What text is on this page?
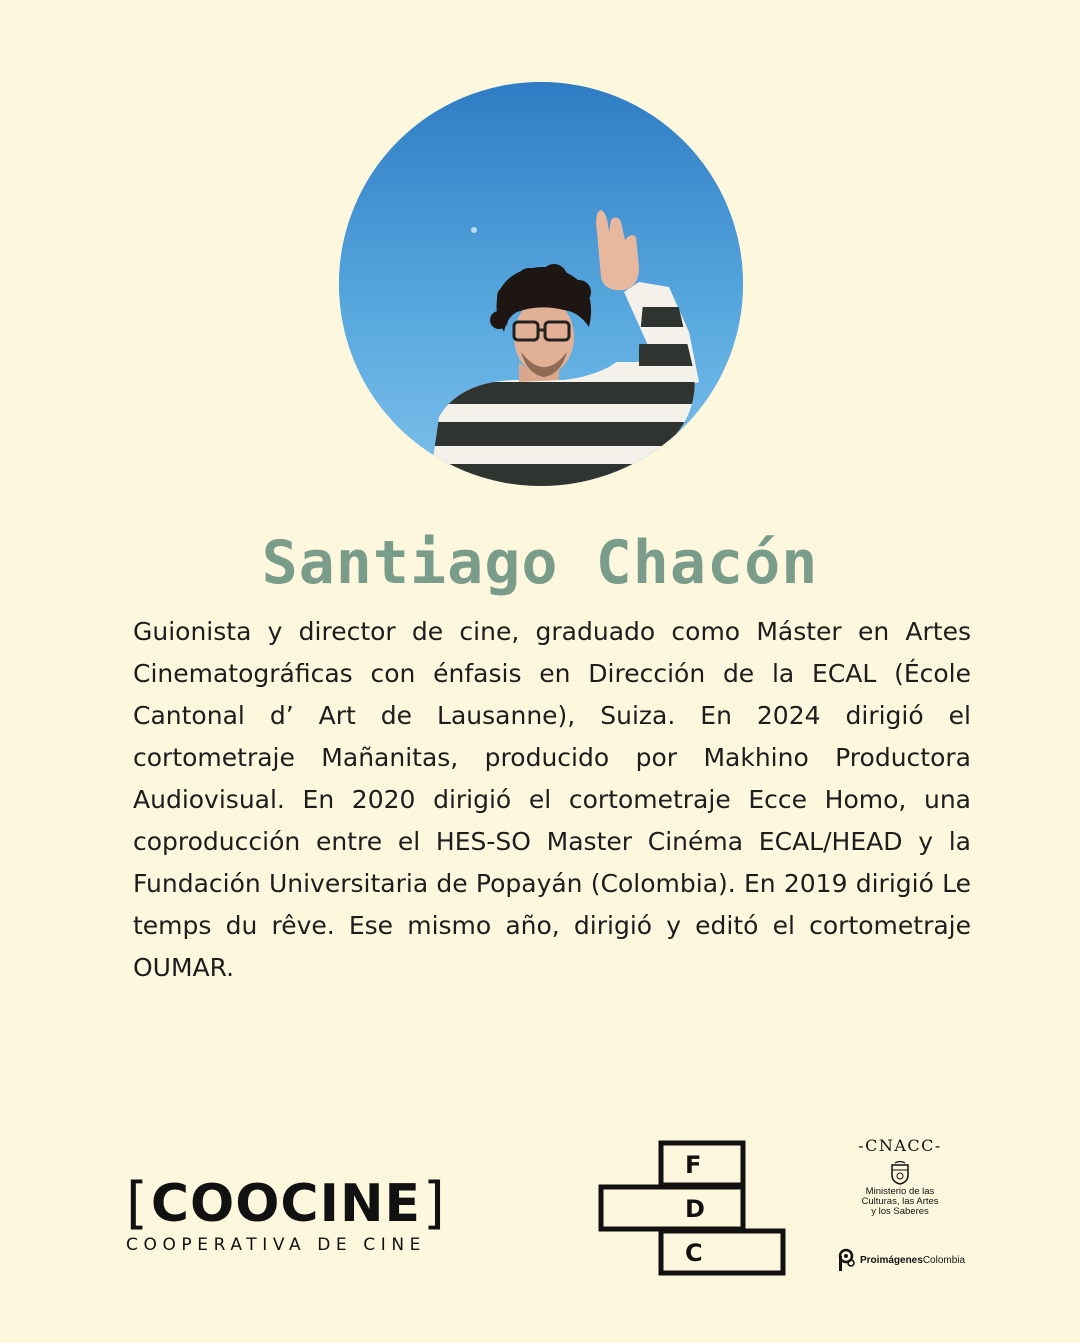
Santiago Chacón
Guionista y director de cine, graduado como Máster en Artes Cinematográficas con énfasis en Dirección de la ECAL (École Cantonal d’ Art de Lausanne), Suiza. En 2024 dirigió el cortometraje Mañanitas, producido por Makhino Productora Audiovisual. En 2020 dirigió el cortometraje Ecce Homo, una coproducción entre el HES-SO Master Cinéma ECAL/HEAD y la Fundación Universitaria de Popayán (Colombia). En 2019 dirigió Le temps du rêve. Ese mismo año, dirigió y editó el cortometraje OUMAR.
[ COOCINE ]
COOPERATIVA DE CINE
F
D
C
-CNACC-
Ministerio de las
Culturas, las Artes
y los Saberes
ProimágenesColombia
